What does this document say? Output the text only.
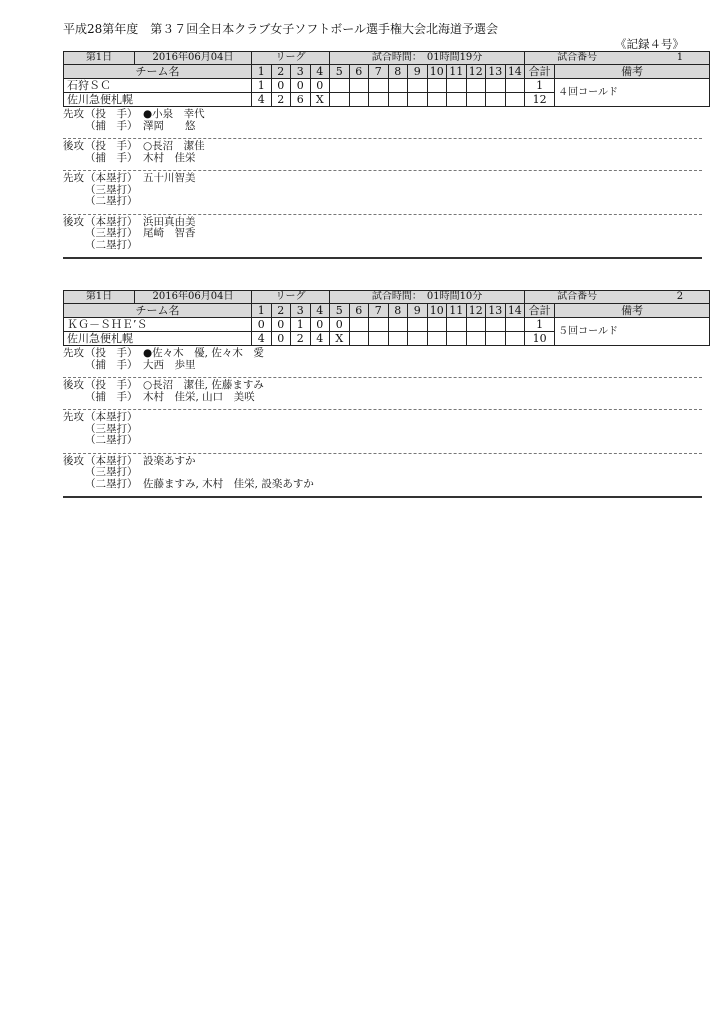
平成28第年度　第３７回全日本クラブ女子ソフトボール選手権大会北海道予選会
《記録４号》
第1日 2016年06月04日	リーグ				試合時間：　01時間19分										試合番号 1	

チーム名	1	2	3	4	5	6	7	8	9	10	11	12	13	14	合計	備考
石狩ＳＣ	1	0	0	0											1	４回コールド
佐川急便札幌	4	2	6	X											12	
先攻 （投　手） ●小泉　幸代
（捕　手） 澤岡　　悠
後攻 （投　手） ○長沼　潔佳
（捕　手） 木村　佳栄
先攻 （本塁打） 五十川智美
（三塁打）
（二塁打）
後攻 （本塁打） 浜田真由美
（三塁打） 尾崎　智香
（二塁打）
第1日 2016年06月04日	リーグ				試合時間：　01時間10分										試合番号 2	

チーム名	1	2	3	4	5	6	7	8	9	10	11	12	13	14	合計	備考
ＫＧ－ＳＨＥ’Ｓ	0	0	1	0	0										1	５回コールド
佐川急便札幌	4	0	2	4	X										10	
先攻 （投　手） ●佐々木　優, 佐々木　愛
（捕　手） 大西　歩里
後攻 （投　手） ○長沼　潔佳, 佐藤ますみ
（捕　手） 木村　佳栄, 山口　美咲
先攻 （本塁打）
（三塁打）
（二塁打）
後攻 （本塁打） 設楽あすか
（三塁打）
（二塁打） 佐藤ますみ, 木村　佳栄, 設楽あすか
